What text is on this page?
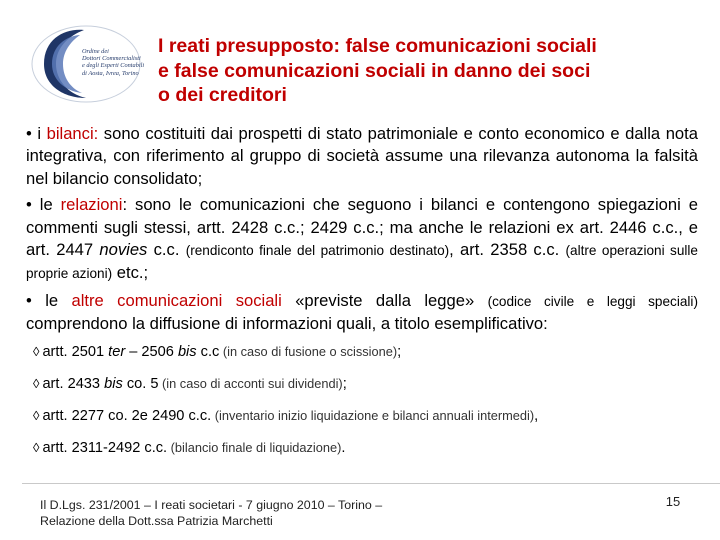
Ordine dei
Dottori Commercialisti
e degli Esperti Contabili
di Aosta, Ivrea, Torino
I reati presupposto: false comunicazioni sociali
e false comunicazioni sociali in danno dei soci
o dei creditori
• i bilanci: sono costituiti dai prospetti di stato patrimoniale e conto economico e dalla nota integrativa, con riferimento al gruppo di società assume una rilevanza autonoma la falsità nel bilancio consolidato;
• le relazioni: sono le comunicazioni che seguono i bilanci e contengono spiegazioni e commenti sugli stessi, artt. 2428 c.c.; 2429 c.c.; ma anche le relazioni ex art. 2446 c.c., e art. 2447 novies c.c. (rendiconto finale del patrimonio destinato), art. 2358 c.c. (altre operazioni sulle proprie azioni) etc.;
• le altre comunicazioni sociali «previste dalla legge» (codice civile e leggi speciali) comprendono la diffusione di informazioni quali, a titolo esemplificativo:
◊ artt. 2501 ter – 2506 bis c.c (in caso di fusione o scissione);
◊ art. 2433 bis co. 5 (in caso di acconti sui dividendi);
◊ artt. 2277 co. 2e 2490 c.c. (inventario inizio liquidazione e bilanci annuali intermedi),
◊ artt. 2311-2492 c.c. (bilancio finale di liquidazione).
Il D.Lgs. 231/2001 – I reati societari - 7 giugno 2010 – Torino –
Relazione della Dott.ssa Patrizia Marchetti
15
